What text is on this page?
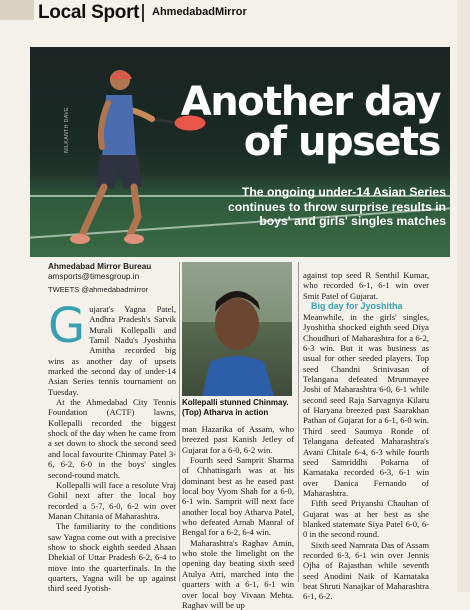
Local Sport AhmedabadMirror
NILKANTH DAVE
Another day
of upsets
The ongoing under-14 Asian Series
continues to throw surprise results in
boys' and girls' singles matches
Ahmedabad Mirror Bureau
amsports@timesgroup.in
TWEETS @ahmedabadmirror

Gujarat's Yagna Patel, Andhra Pradesh's Satvik Murali Kollepalli and Tamil Nadu's Jyoshitha Amitha recorded big wins as another day of upsets marked the second day of under-14 Asian Series tennis tournament on Tuesday.

At the Ahmedabad City Tennis Foundation (ACTF) lawns, Kollepalli recorded the biggest shock of the day when he came from a set down to shock the second seed and local favourite Chinmay Patel 3-6, 6-2, 6-0 in the boys' singles second-round match.

Kollepalli will face a resolute Vraj Gohil next after the local boy recorded a 5-7, 6-0, 6-2 win over Manan Chitania of Maharashtra.

The familiarity to the conditions saw Yagna come out with a precisive show to shock eighth seeded Ahaan Dhekial of Uttar Pradesh 6-2, 6-4 to move into the quarterfinals. In the quarters, Yagna will be up against third seed Jyotish-

Kollepalli stunned Chinmay. (Top) Atharva in action

man Hazarika of Assam, who breezed past Kanish Jetley of Gujarat for a 6-0, 6-2 win.

Fourth seed Samprit Sharma of Chhattisgarh was at his dominant best as he eased past local boy Vyom Shah for a 6-0, 6-1 win. Samprit will next face another local boy Atharva Patel, who defeated Arnab Manral of Bengal for a 6-2, 6-4 win.

Maharashtra's Raghav Amin, who stole the limelight on the opening day beating sixth seed Atulya Atri, marched into the quarters with a 6-1, 6-1 win over local boy Vivaan Mehta. Raghav will be up

against top seed R Senthil Kumar, who recorded 6-1, 6-1 win over Smit Patel of Gujarat.

Big day for Jyoshitha

Meanwhile, in the girls' singles, Jyoshitha shocked eighth seed Diya Choudhuri of Maharashtra for a 6-2, 6-3 win. But it was business as usual for other seeded players. Top seed Chandni Srinivasan of Telangana defeated Mrunmayee Joshi of Maharashtra 6-0, 6-1 while second seed Raja Sarvagnya Kilaru of Haryana breezed past Saarakhan Pathan of Gujarat for a 6-1, 6-0 win. Third seed Saumya Ronde of Telangana defeated Maharashtra's Avani Chitale 6-4, 6-3 while fourth seed Samriddhi Pokarna of Karnataka recorded 6-3, 6-1 win over Danica Fernando of Maharashtra.

Fifth seed Priyanshi Chauhan of Gujarat was at her best as she blanked statemate Siya Patel 6-0, 6-0 in the second round.

Sixth seed Namrata Das of Assam recorded 6-3, 6-1 win over Jennis Ojha of Rajasthan while seventh seed Anodini Naik of Karnataka beat Shruti Nanajkar of Maharashtra 6-1, 6-2.
